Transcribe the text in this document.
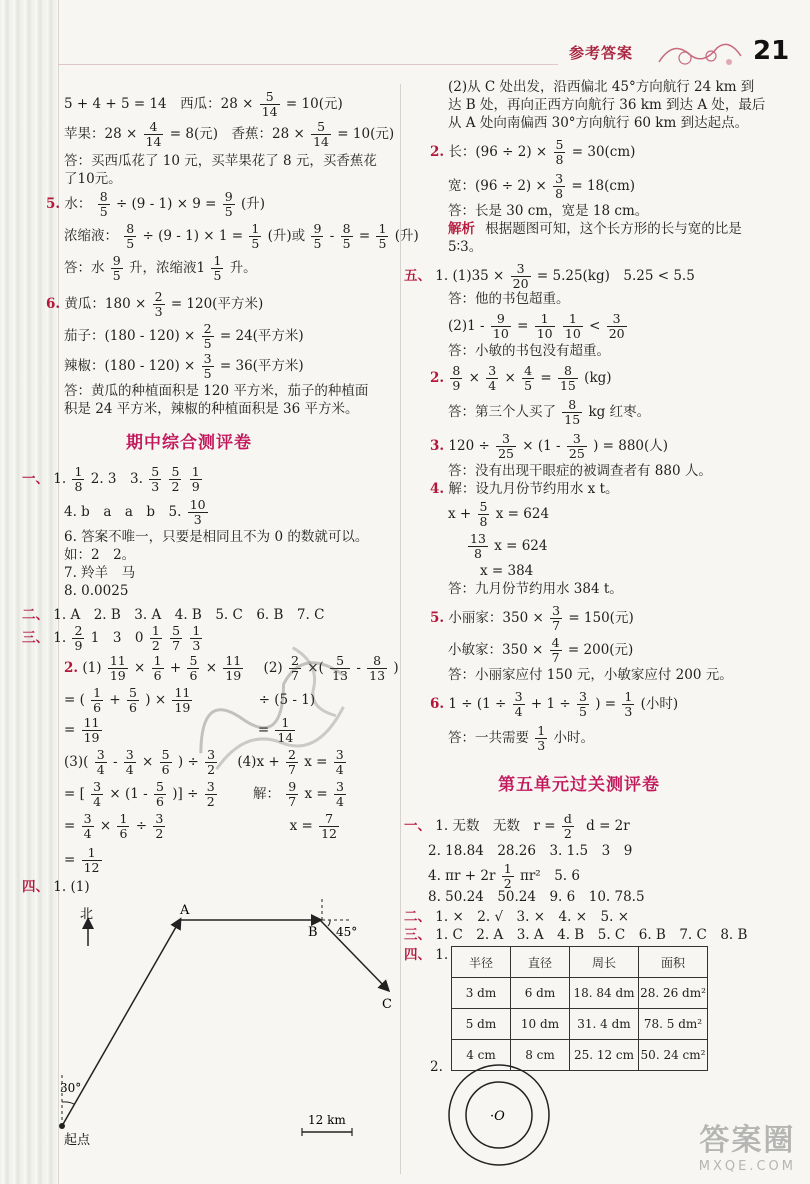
参考答案	21
5 + 4 + 5 = 14　西瓜：$28 \times \frac{5}{14} = 10$(元)
苹果：$28 \times \frac{4}{14} = 8$(元)　香蕉：$28 \times \frac{5}{14} = 10$(元)
答：买西瓜花了 10 元，买苹果花了 8 元，买香蕉花
了10元。
5. 水： $\frac{8}{5} \div (9 - 1) \times 9 = \frac{9}{5}$ (升)
浓缩液： $\frac{8}{5} \div (9 - 1) \times 1 = \frac{1}{5}$ (升)或 $\frac{9}{5} - \frac{8}{5} = \frac{1}{5}$ (升)
答：水 $\frac{9}{5}$ 升，浓缩液$1 \frac{1}{5}$ 升。
6. 黄瓜：$180 \times \frac{2}{3} = 120$(平方米)
茄子：$(180 - 120) \times \frac{2}{5} = 24$(平方米)
辣椒：$(180 - 120) \times \frac{3}{5} = 36$(平方米)
答：黄瓜的种植面积是 120 平方米，茄子的种植面
积是 24 平方米，辣椒的种植面积是 36 平方米。
期中综合测评卷
一、 1. $\frac{1}{8} 2$. 3　3. $\frac{5}{3}$
$\frac{5}{2}$
$\frac{1}{9}$
4. b　a　a　b　5. $\frac{10}{3}$
6. 答案不唯一，只要是相同且不为 0 的数就可以。
如：2　2。
7. 羚羊　马
8. 0.0025
二、 1. A　2. B　3. A　4. B　5. C　6. B　7. C
三、 1. $\frac{2}{9} 1$　3　$0 \frac{1}{2}$
$\frac{5}{7}$
$\frac{1}{3}$
2. $(1) \frac{11}{19} \times \frac{1}{6} + \frac{5}{6} \times \frac{11}{19} (2) \frac{2}{7}$ ×( $\frac{5}{13} - \frac{8}{13}$ )
= ( $\frac{1}{6} + \frac{5}{6}$ ) × $\frac{11}{19}$	÷ (5 - 1)
= $\frac{11}{19}$	= $\frac{1}{14}$
$(3)( \frac{3}{4} - \frac{3}{4} \times \frac{5}{6}$ ) ÷ $\frac{3}{2} (4)x + \frac{2}{7}$ $x = \frac{3}{4}$
= [ $\frac{3}{4} \times (1 - \frac{5}{6}$ )] ÷ $\frac{3}{2}$	解： $\frac{9}{7}$ $x = \frac{3}{4}$
= $\frac{3}{4} \times \frac{1}{6} \div \frac{3}{2}$	$x = \frac{7}{12}$
= $\frac{1}{12}$
四、 1. (1)
北	A
B 45°
C
30°
起点
12 km
(2)从 C 处出发，沿西偏北 45°方向航行 24 km 到
达 B 处，再向正西方向航行 36 km 到达 A 处，最后
从 A 处向南偏西 30°方向航行 60 km 到达起点。
2. 长：$(96 \div 2) \times \frac{5}{8} = 30(cm)$
宽：$(96 \div 2) \times \frac{3}{8} = 18(cm)$
答：长是 30 cm，宽是 18 cm。
解析 根据题图可知，这个长方形的长与宽的比是
5∶3。
五、 1. $(1)35 \times \frac{3}{20} = 5.25(kg)$　5.25 < 5.5
答：他的书包超重。
$(2)1 - \frac{9}{10} = \frac{1}{10}$
$\frac{1}{10} < \frac{3}{20}$
答：小敏的书包没有超重。
2. $\frac{8}{9} \times \frac{3}{4} \times \frac{4}{5} = \frac{8}{15} (kg)$
答：第三个人买了 $\frac{8}{15}$ kg 红枣。
3. $120 \div \frac{3}{25} \times (1 - \frac{3}{25}$ ) = 880(人)
答：没有出现干眼症的被调查者有 880 人。
4. 解：设九月份节约用水 x t。
$x + \frac{5}{8}$ x = 624
$\frac{13}{8}$ x = 624
x = 384
答：九月份节约用水 384 t。
5. 小丽家：$350 \times \frac{3}{7} = 150$(元)
小敏家：$350 \times \frac{4}{7} = 200$(元)
答：小丽家应付 150 元，小敏家应付 200 元。
6. $1 \div (1 \div \frac{3}{4} + 1 \div \frac{3}{5}$ ) = $\frac{1}{3}$ (小时)
答：一共需要 $\frac{1}{3}$ 小时。
第五单元过关测评卷
一、 1. 无数　无数　$r = \frac{d}{2}$ d = 2r
2. 18.84　28.26　3. 1.5　3　9
4. $\pi r + 2r \frac{1}{2} \pi r^2$　5. 6
8. 50.24　50.24　9. 6　10. 78.5
二、 1. ×　2. √　3. ×　4. ×　5. ×
三、 1. C　2. A　3. A　4. B　5. C　6. B　7. C　8. B
四、 1. 半径	直径	周长	面积
3 dm	6 dm	18. 84 dm	28. 26 dm²
5 dm	10 dm	31. 4 dm	78. 5 dm²
4 cm	8 cm	25. 12 cm	50. 24 cm²
2.
·O
答案圈
MXQE.COM
